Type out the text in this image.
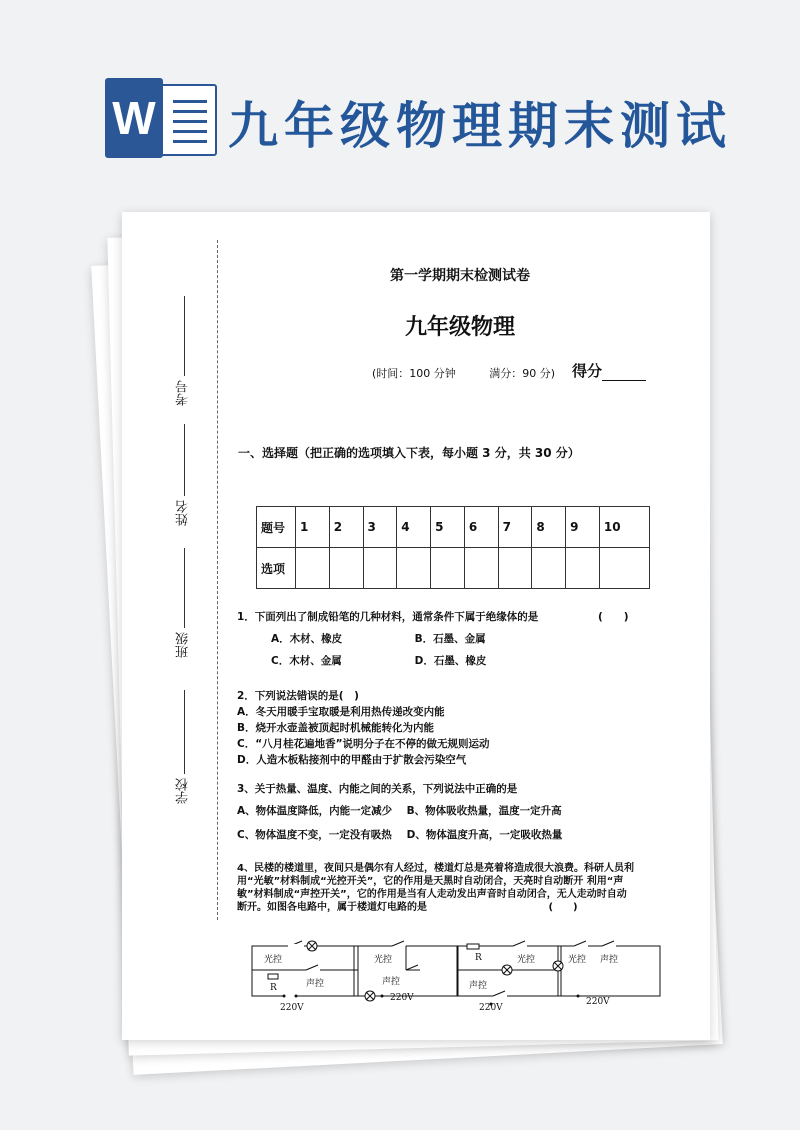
W 九年级物理期末测试
考号
姓名
班级
学校
第一学期期末检测试卷
九年级物理
(时间：100 分钟	满分：90 分)	得分
一、选择题（把正确的选项填入下表，每小题 3 分，共 30 分）
题号	1	2	3	4	5	6	7	8	9	10
选项										
1．下面列出了制成铅笔的几种材料，通常条件下属于绝缘体的是	(　　)
A．木材、橡皮	B．石墨、金属
C．木材、金属	D．石墨、橡皮
2．下列说法错误的是(　)
A．冬天用暖手宝取暖是利用热传递改变内能
B．烧开水壶盖被顶起时机械能转化为内能
C．“八月桂花遍地香”说明分子在不停的做无规则运动
D．人造木板粘接剂中的甲醛由于扩散会污染空气
3、关于热量、温度、内能之间的关系，下列说法中正确的是
A、物体温度降低，内能一定减少 B、物体吸收热量，温度一定升高
C、物体温度不变，一定没有吸热 D、物体温度升高，一定吸收热量
4、民楼的楼道里，夜间只是偶尔有人经过，楼道灯总是亮着将造成很大浪费。科研人员利
用“光敏”材料制成“光控开关”，它的作用是天黑时自动闭合，天亮时自动断开 利用“声
敏”材料制成“声控开关”，它的作用是当有人走动发出声音时自动闭合，无人走动时自动
断开。如图各电路中，属于楼道灯电路的是	(　　)
光控
声控
R
220V
光控
声控
220V
R	光控
声控
220V
光控 声控
220V
